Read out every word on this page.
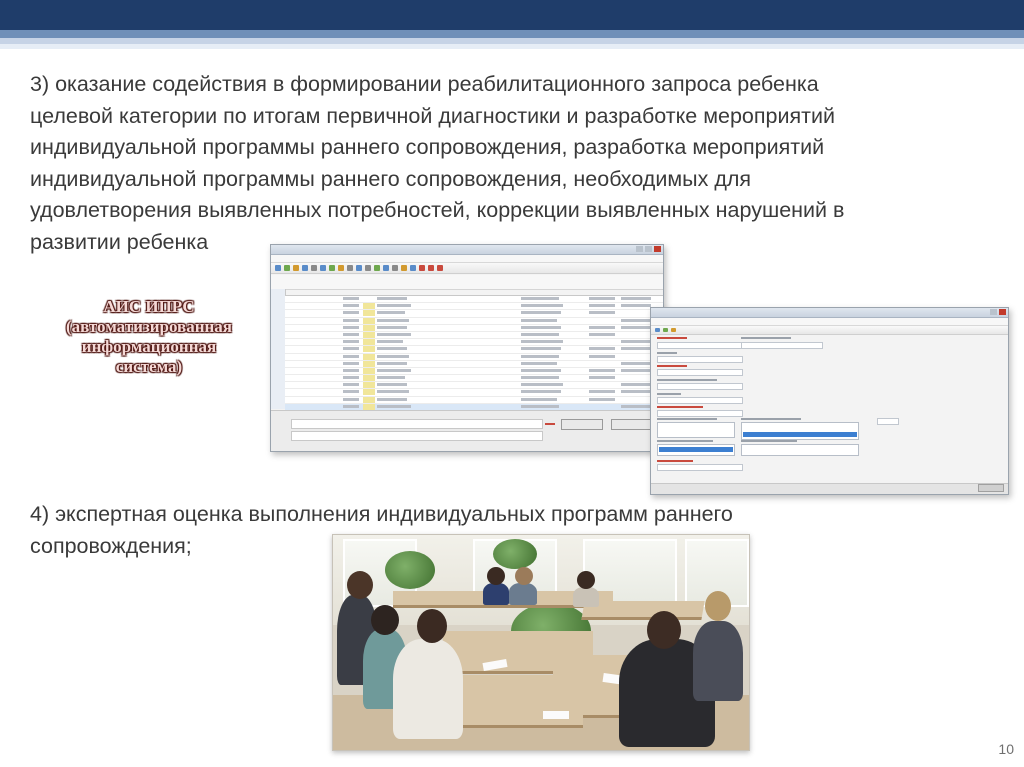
3) оказание содействия в формировании реабилитационного запроса ребенка
целевой категории по итогам первичной диагностики и разработке мероприятий
индивидуальной программы раннего сопровождения, разработка мероприятий
индивидуальной программы раннего сопровождения, необходимых для
удовлетворения выявленных потребностей, коррекции выявленных нарушений в
развитии ребенка
АИС ИПРС
(автоматизированная
информационная
система)
4) экспертная оценка выполнения индивидуальных программ раннего
сопровождения;
10
